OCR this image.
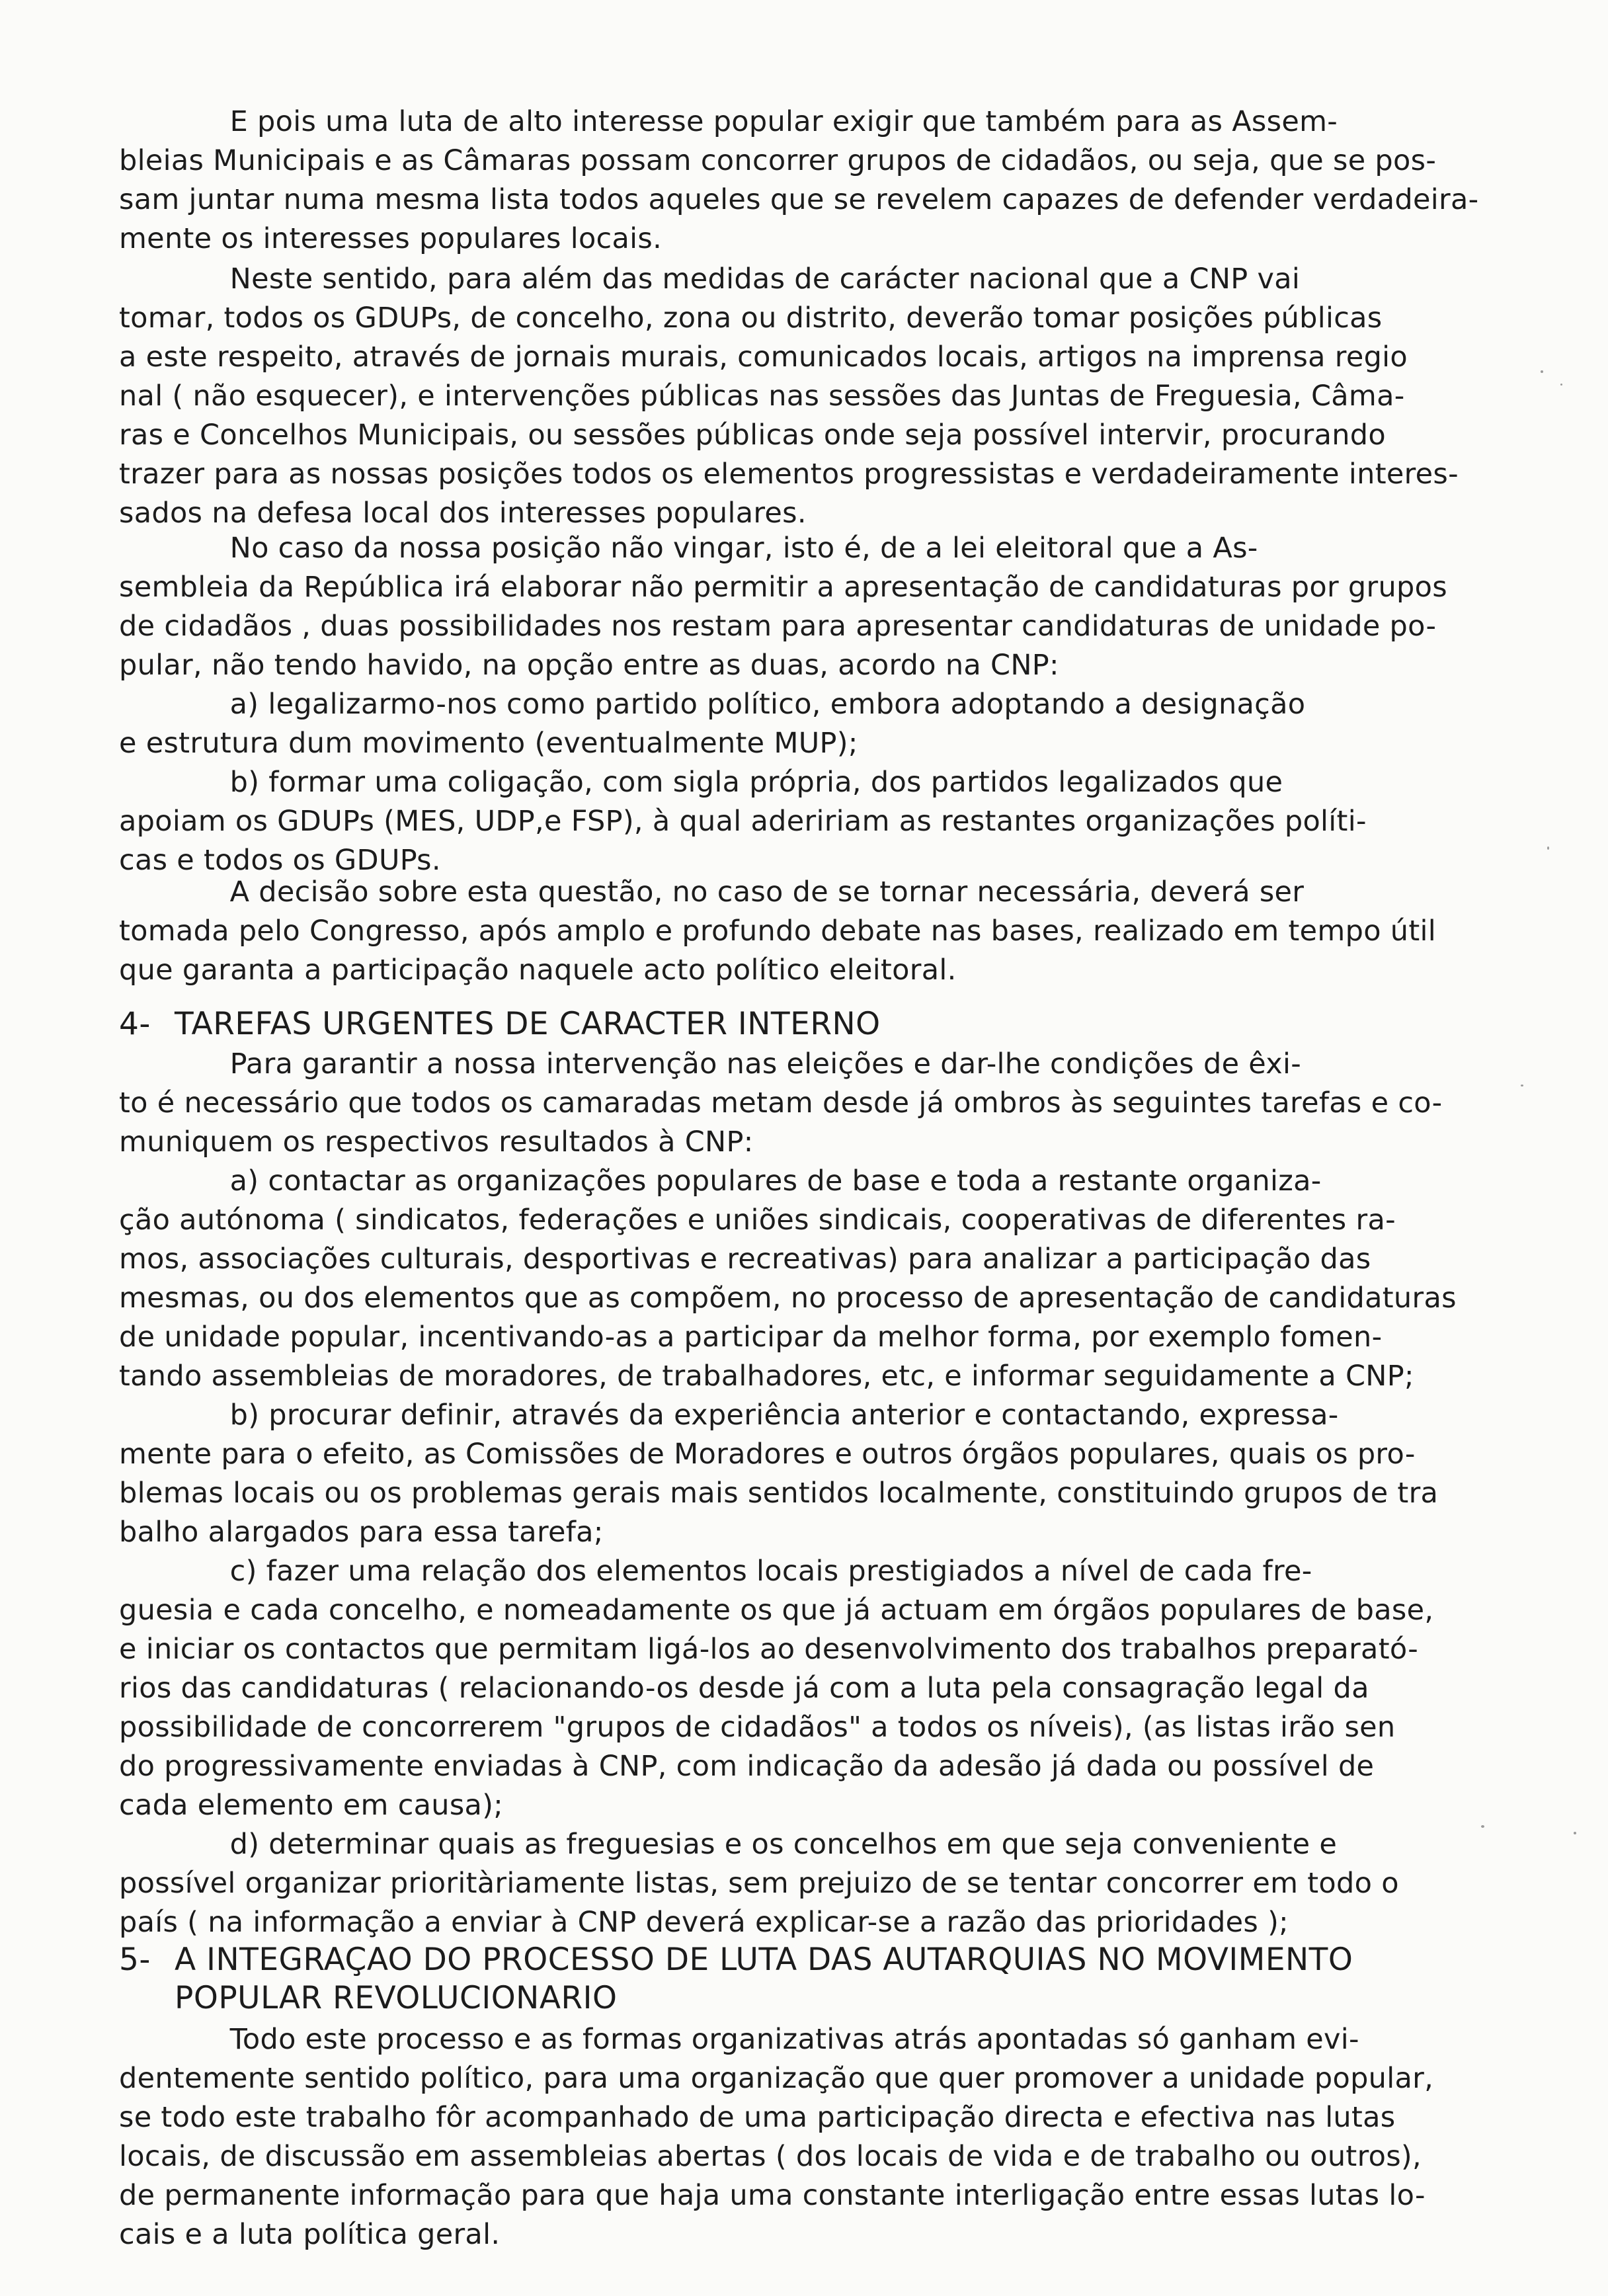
E pois uma luta de alto interesse popular exigir que também para as Assem-
bleias Municipais e as Câmaras possam concorrer grupos de cidadãos, ou seja, que se pos-
sam juntar numa mesma lista todos aqueles que se revelem capazes de defender verdadeira-
mente os interesses populares locais.
Neste sentido, para além das medidas de carácter nacional que a CNP vai
tomar, todos os GDUPs, de concelho, zona ou distrito, deverão tomar posições públicas
a este respeito, através de jornais murais, comunicados locais, artigos na imprensa regio
nal ( não esquecer), e intervenções públicas nas sessões das Juntas de Freguesia, Câma-
ras e Concelhos Municipais, ou sessões públicas onde seja possível intervir, procurando
trazer para as nossas posições todos os elementos progressistas e verdadeiramente interes-
sados na defesa local dos interesses populares.
No caso da nossa posição não vingar, isto é, de a lei eleitoral que a As-
sembleia da República irá elaborar não permitir a apresentação de candidaturas por grupos
de cidadãos , duas possibilidades nos restam para apresentar candidaturas de unidade po-
pular, não tendo havido, na opção entre as duas, acordo na CNP:
a) legalizarmo-nos como partido político, embora adoptando a designação
e estrutura dum movimento (eventualmente MUP);
b) formar uma coligação, com sigla própria, dos partidos legalizados que
apoiam os GDUPs (MES, UDP,e FSP), à qual adeririam as restantes organizações políti-
cas e todos os GDUPs.
A decisão sobre esta questão, no caso de se tornar necessária, deverá ser
tomada pelo Congresso, após amplo e profundo debate nas bases, realizado em tempo útil
que garanta a participação naquele acto político eleitoral.
4- TAREFAS URGENTES DE CARACTER INTERNO
Para garantir a nossa intervenção nas eleições e dar-lhe condições de êxi-
to é necessário que todos os camaradas metam desde já ombros às seguintes tarefas e co-
muniquem os respectivos resultados à CNP:
a) contactar as organizações populares de base e toda a restante organiza-
ção autónoma ( sindicatos, federações e uniões sindicais, cooperativas de diferentes ra-
mos, associações culturais, desportivas e recreativas) para analizar a participação das
mesmas, ou dos elementos que as compõem, no processo de apresentação de candidaturas
de unidade popular, incentivando-as a participar da melhor forma, por exemplo fomen-
tando assembleias de moradores, de trabalhadores, etc, e informar seguidamente a CNP;
b) procurar definir, através da experiência anterior e contactando, expressa-
mente para o efeito, as Comissões de Moradores e outros órgãos populares, quais os pro-
blemas locais ou os problemas gerais mais sentidos localmente, constituindo grupos de tra
balho alargados para essa tarefa;
c) fazer uma relação dos elementos locais prestigiados a nível de cada fre-
guesia e cada concelho, e nomeadamente os que já actuam em órgãos populares de base,
e iniciar os contactos que permitam ligá-los ao desenvolvimento dos trabalhos preparató-
rios das candidaturas ( relacionando-os desde já com a luta pela consagração legal da
possibilidade de concorrerem "grupos de cidadãos" a todos os níveis), (as listas irão sen
do progressivamente enviadas à CNP, com indicação da adesão já dada ou possível de
cada elemento em causa);
d) determinar quais as freguesias e os concelhos em que seja conveniente e
possível organizar prioritàriamente listas, sem prejuizo de se tentar concorrer em todo o
país ( na informação a enviar à CNP deverá explicar-se a razão das prioridades );
5- A INTEGRAÇAO DO PROCESSO DE LUTA DAS AUTARQUIAS NO MOVIMENTO
POPULAR REVOLUCIONARIO
Todo este processo e as formas organizativas atrás apontadas só ganham evi-
dentemente sentido político, para uma organização que quer promover a unidade popular,
se todo este trabalho fôr acompanhado de uma participação directa e efectiva nas lutas
locais, de discussão em assembleias abertas ( dos locais de vida e de trabalho ou outros),
de permanente informação para que haja uma constante interligação entre essas lutas lo-
cais e a luta política geral.
